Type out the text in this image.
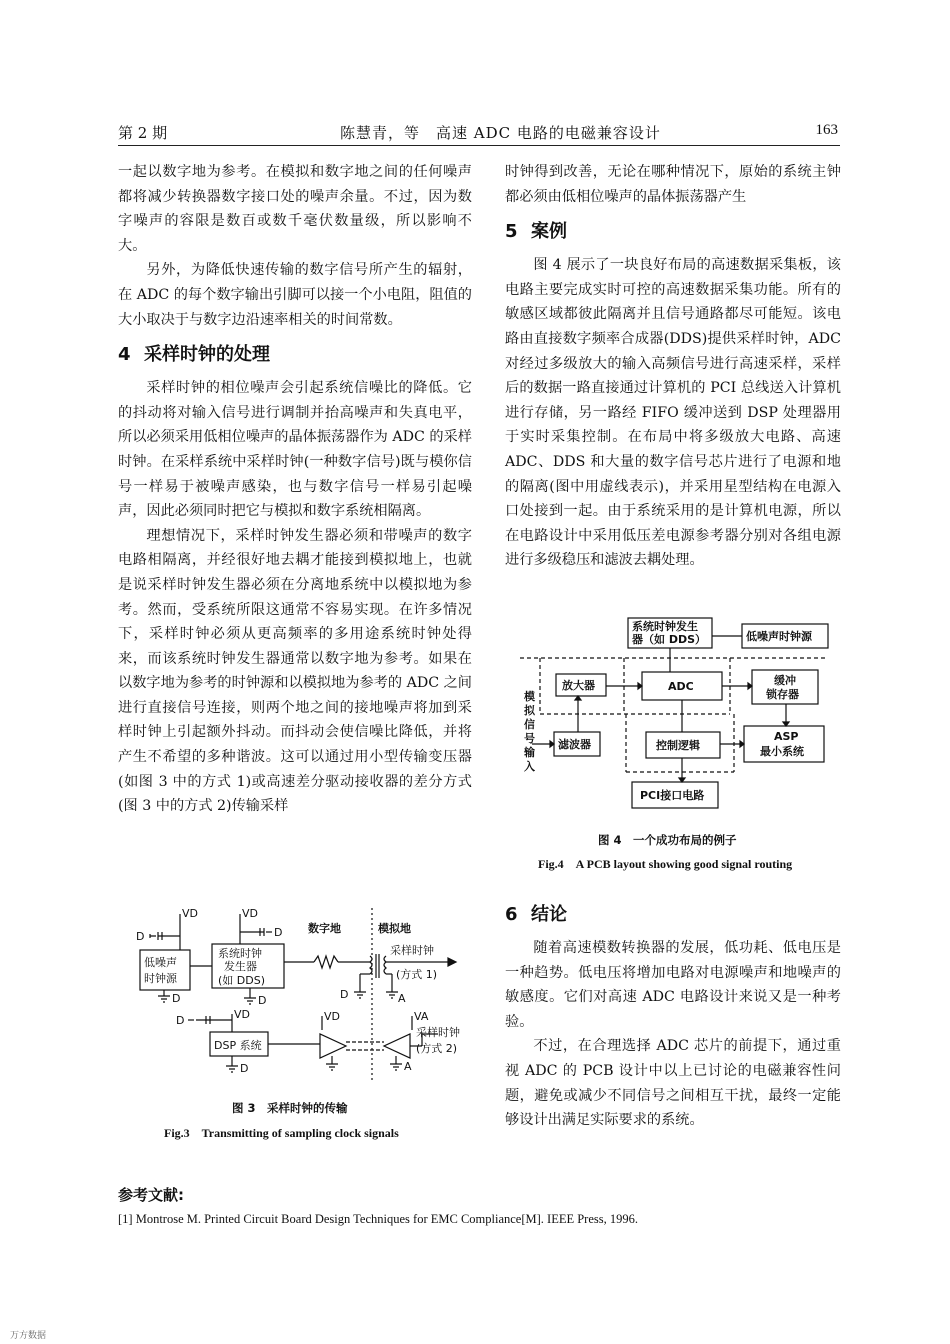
第 2 期	陈慧青，等　高速 ADC 电路的电磁兼容设计	163

一起以数字地为参考。在模拟和数字地之间的任何噪声都将减少转换器数字接口处的噪声余量。不过，因为数字噪声的容限是数百或数千毫伏数量级，所以影响不大。

另外，为降低快速传输的数字信号所产生的辐射，在 ADC 的每个数字输出引脚可以接一个小电阻，阻值的大小取决于与数字边沿速率相关的时间常数。

4 采样时钟的处理

采样时钟的相位噪声会引起系统信噪比的降低。它的抖动将对输入信号进行调制并抬高噪声和失真电平，所以必须采用低相位噪声的晶体振荡器作为 ADC 的采样时钟。在采样系统中采样时钟(一种数字信号)既与模你信号一样易于被噪声感染，也与数字信号一样易引起噪声，因此必须同时把它与模拟和数字系统相隔离。

理想情况下，采样时钟发生器必须和带噪声的数字电路相隔离，并经很好地去耦才能接到模拟地上，也就是说采样时钟发生器必须在分离地系统中以模拟地为参考。然而，受系统所限这通常不容易实现。在许多情况下，采样时钟必须从更高频率的多用途系统时钟处得来，而该系统时钟发生器通常以数字地为参考。如果在以数字地为参考的时钟源和以模拟地为参考的 ADC 之间进行直接信号连接，则两个地之间的接地噪声将加到采样时钟上引起额外抖动。而抖动会使信噪比降低，并将产生不希望的多种谐波。这可以通过用小型传输变压器(如图 3 中的方式 1)或高速差分驱动接收器的差分方式(图 3 中的方式 2)传输采样

VD	VD
VD	VD	VA
D	D
D	D
D
D
D	A
A
数字地	模拟地
低噪声
时钟源
系统时钟
发生器
(如 DDS)
DSP 系统
采样时钟
(方式 1)
采样时钟
(方式 2)
图 3　采样时钟的传输
Fig.3　Transmitting of sampling clock signals

时钟得到改善，无论在哪种情况下，原始的系统主钟都必须由低相位噪声的晶体振荡器产生

5 案例

图 4 展示了一块良好布局的高速数据采集板，该电路主要完成实时可控的高速数据采集功能。所有的敏感区域都彼此隔离并且信号通路都尽可能短。该电路由直接数字频率合成器(DDS)提供采样时钟，ADC 对经过多级放大的输入高频信号进行高速采样，采样后的数据一路直接通过计算机的 PCI 总线送入计算机进行存储，另一路经 FIFO 缓冲送到 DSP 处理器用于实时采集控制。在布局中将多级放大电路、高速 ADC、DDS 和大量的数字信号芯片进行了电源和地的隔离(图中用虚线表示)，并采用星型结构在电源入口处接到一起。由于系统采用的是计算机电源，所以在电路设计中采用低压差电源参考器分别对各组电源进行多级稳压和滤波去耦处理。

系统时钟发生
器（如 DDS）	低噪声时钟源
放大器	ADC	缓冲
锁存器
模
拟
信
号
输
入
滤波器	控制逻辑
ASP
最小系统
PCI接口电路
图 4　一个成功布局的例子
Fig.4　A PCB layout showing good signal routing
6 结论

随着高速模数转换器的发展，低功耗、低电压是一种趋势。低电压将增加电路对电源噪声和地噪声的敏感度。它们对高速 ADC 电路设计来说又是一种考验。

不过，在合理选择 ADC 芯片的前提下，通过重视 ADC 的 PCB 设计中以上已讨论的电磁兼容性问题，避免或减少不同信号之间相互干扰，最终一定能够设计出满足实际要求的系统。

参考文献:
[1] Montrose M. Printed Circuit Board Design Techniques for EMC Compliance[M]. IEEE Press, 1996.
万方数据
